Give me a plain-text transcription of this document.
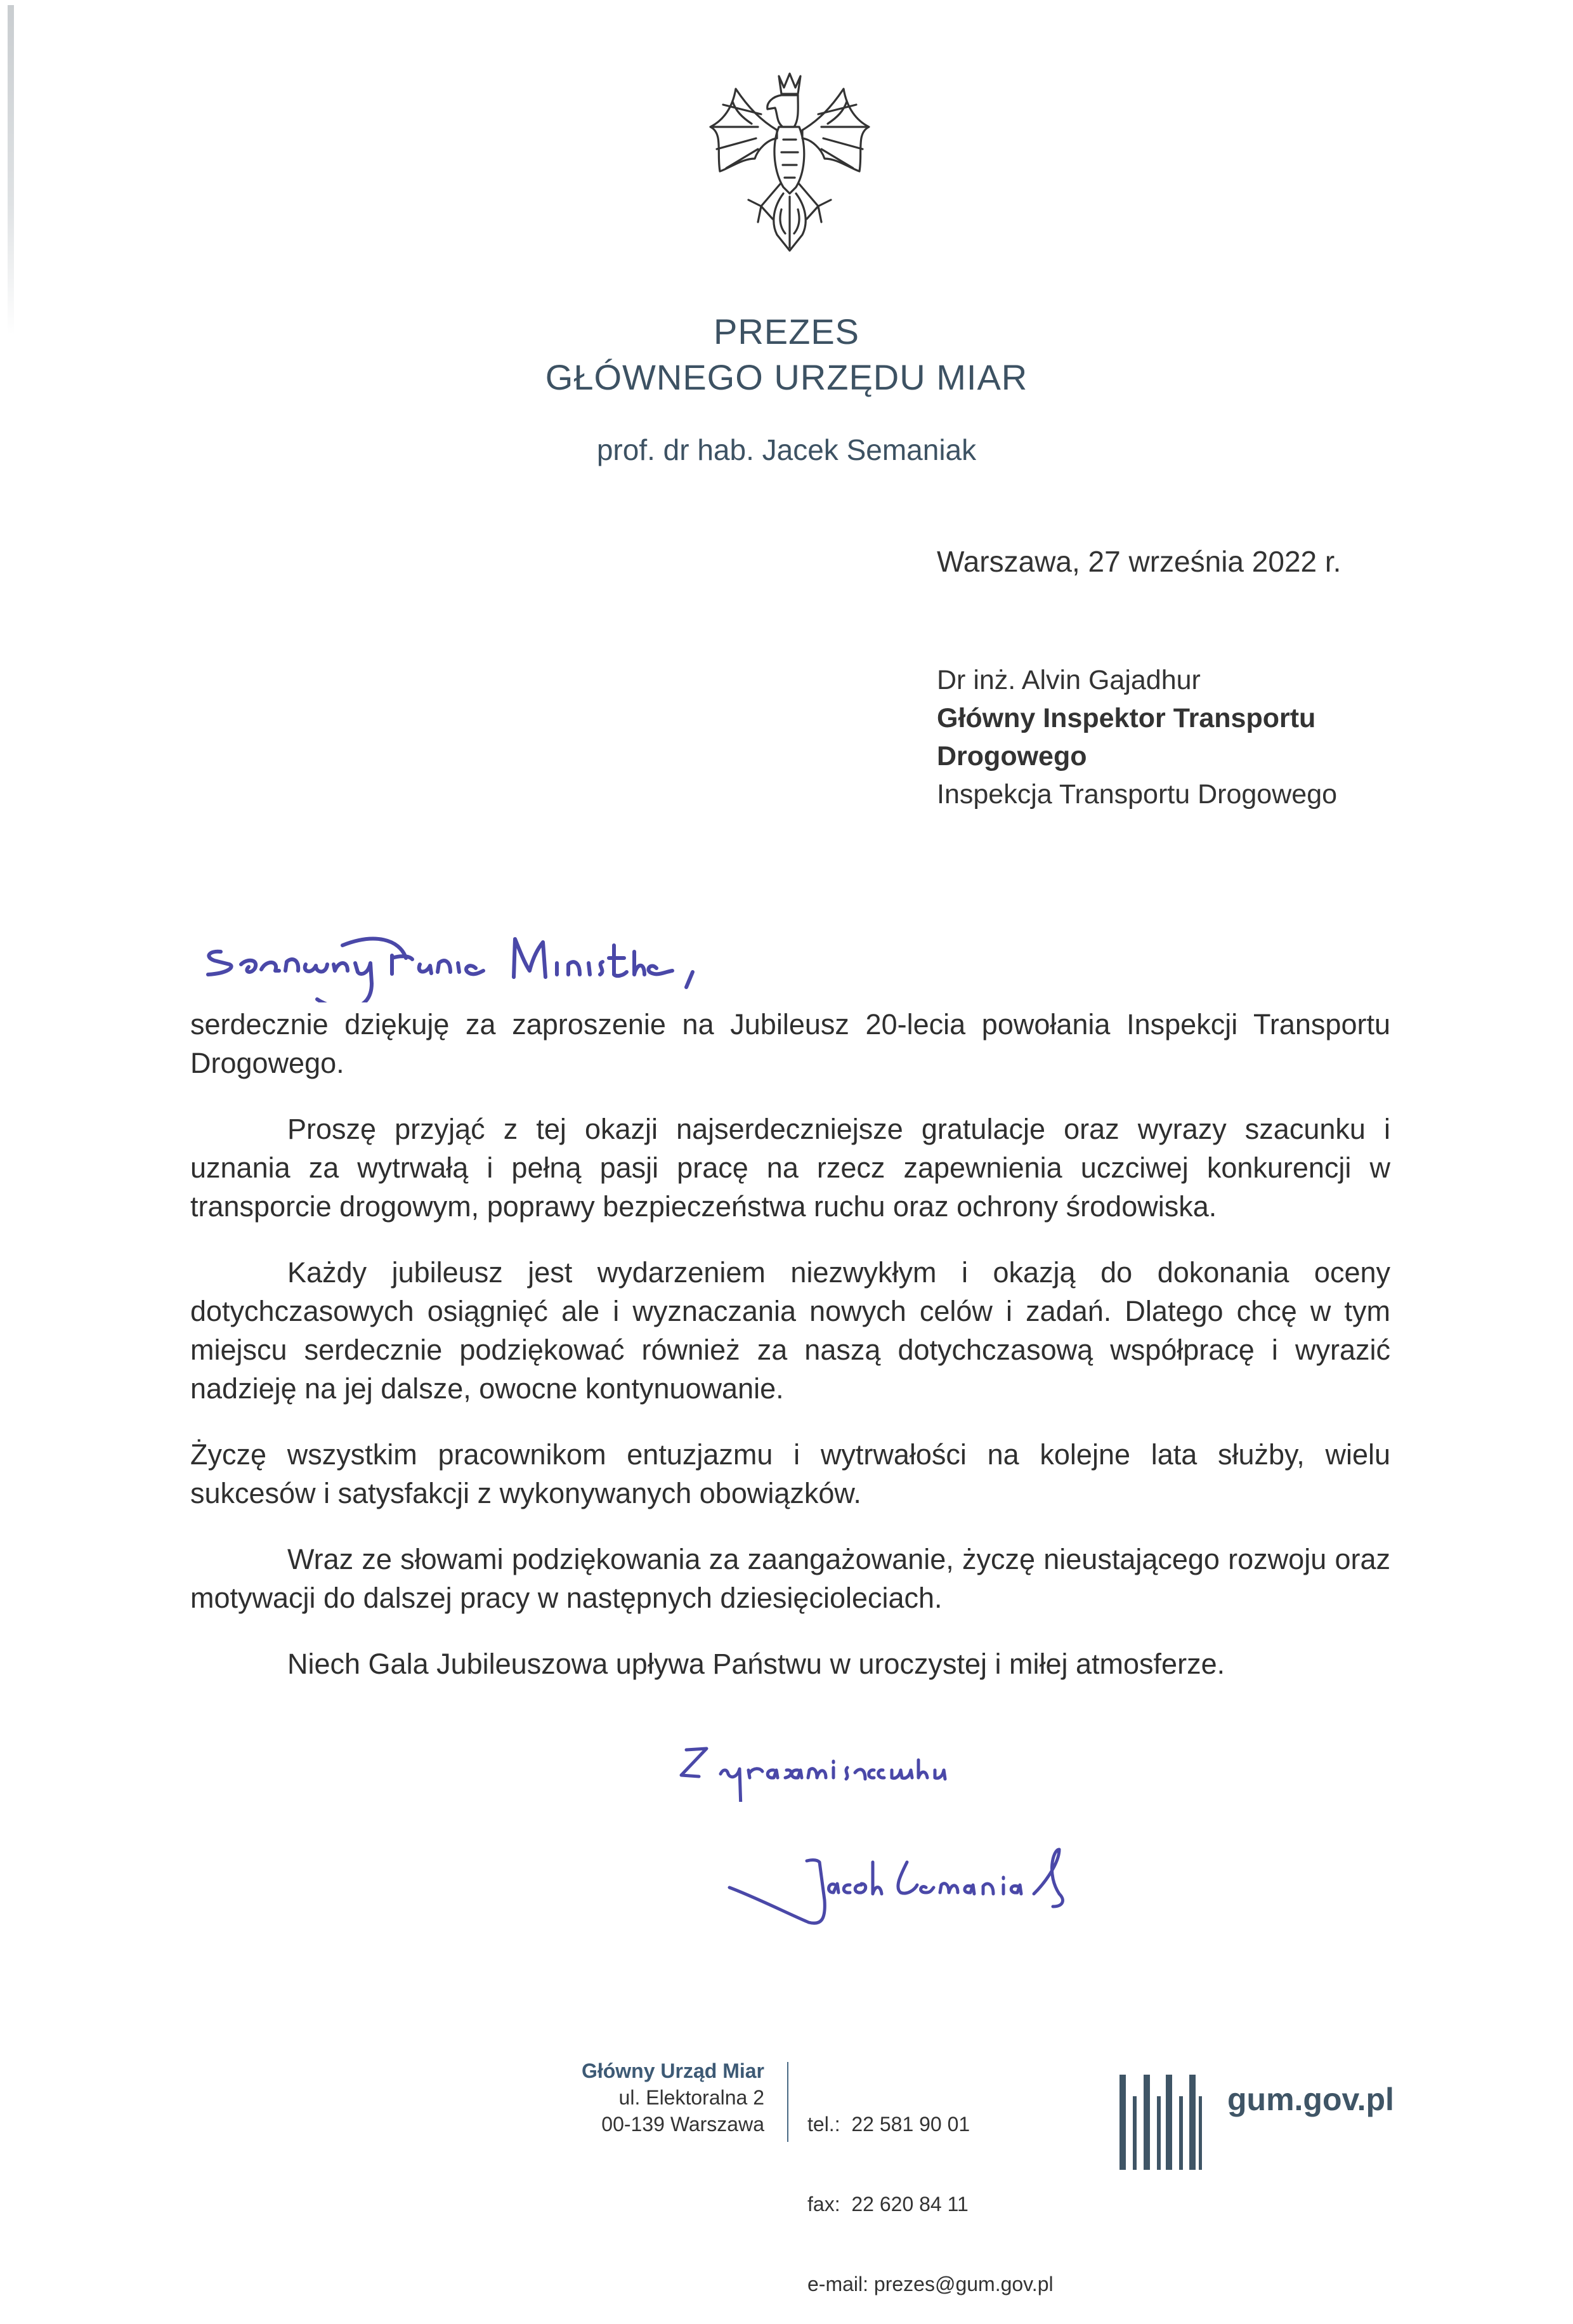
PREZES
GŁÓWNEGO URZĘDU MIAR
prof. dr hab. Jacek Semaniak
Warszawa, 27 września 2022 r.
Dr inż. Alvin Gajadhur
Główny Inspektor Transportu
Drogowego
Inspekcja Transportu Drogowego

serdecznie dziękuję za zaproszenie na Jubileusz 20-lecia powołania Inspekcji Transportu Drogowego.

Proszę przyjąć z tej okazji najserdeczniejsze gratulacje oraz wyrazy szacunku i uznania za wytrwałą i pełną pasji pracę na rzecz zapewnienia uczciwej konkurencji w transporcie drogowym, poprawy bezpieczeństwa ruchu oraz ochrony środowiska.

Każdy jubileusz jest wydarzeniem niezwykłym i okazją do dokonania oceny dotychczasowych osiągnięć ale i wyznaczania nowych celów i zadań. Dlatego chcę w tym miejscu serdecznie podziękować również za naszą dotychczasową współpracę i wyrazić nadzieję na jej dalsze, owocne kontynuowanie.

Życzę wszystkim pracownikom entuzjazmu i wytrwałości na kolejne lata służby, wielu sukcesów i satysfakcji z wykonywanych obowiązków.

Wraz ze słowami podziękowania za zaangażowanie, życzę nieustającego rozwoju oraz motywacji do dalszej pracy w następnych dziesięcioleciach.

Niech Gala Jubileuszowa upływa Państwu w uroczystej i miłej atmosferze.

Główny Urząd Miar
ul. Elektoralna 2
00-139 Warszawa

tel.:  22 581 90 01

fax:  22 620 84 11

e-mail: prezes@gum.gov.pl

gum.gov.pl
